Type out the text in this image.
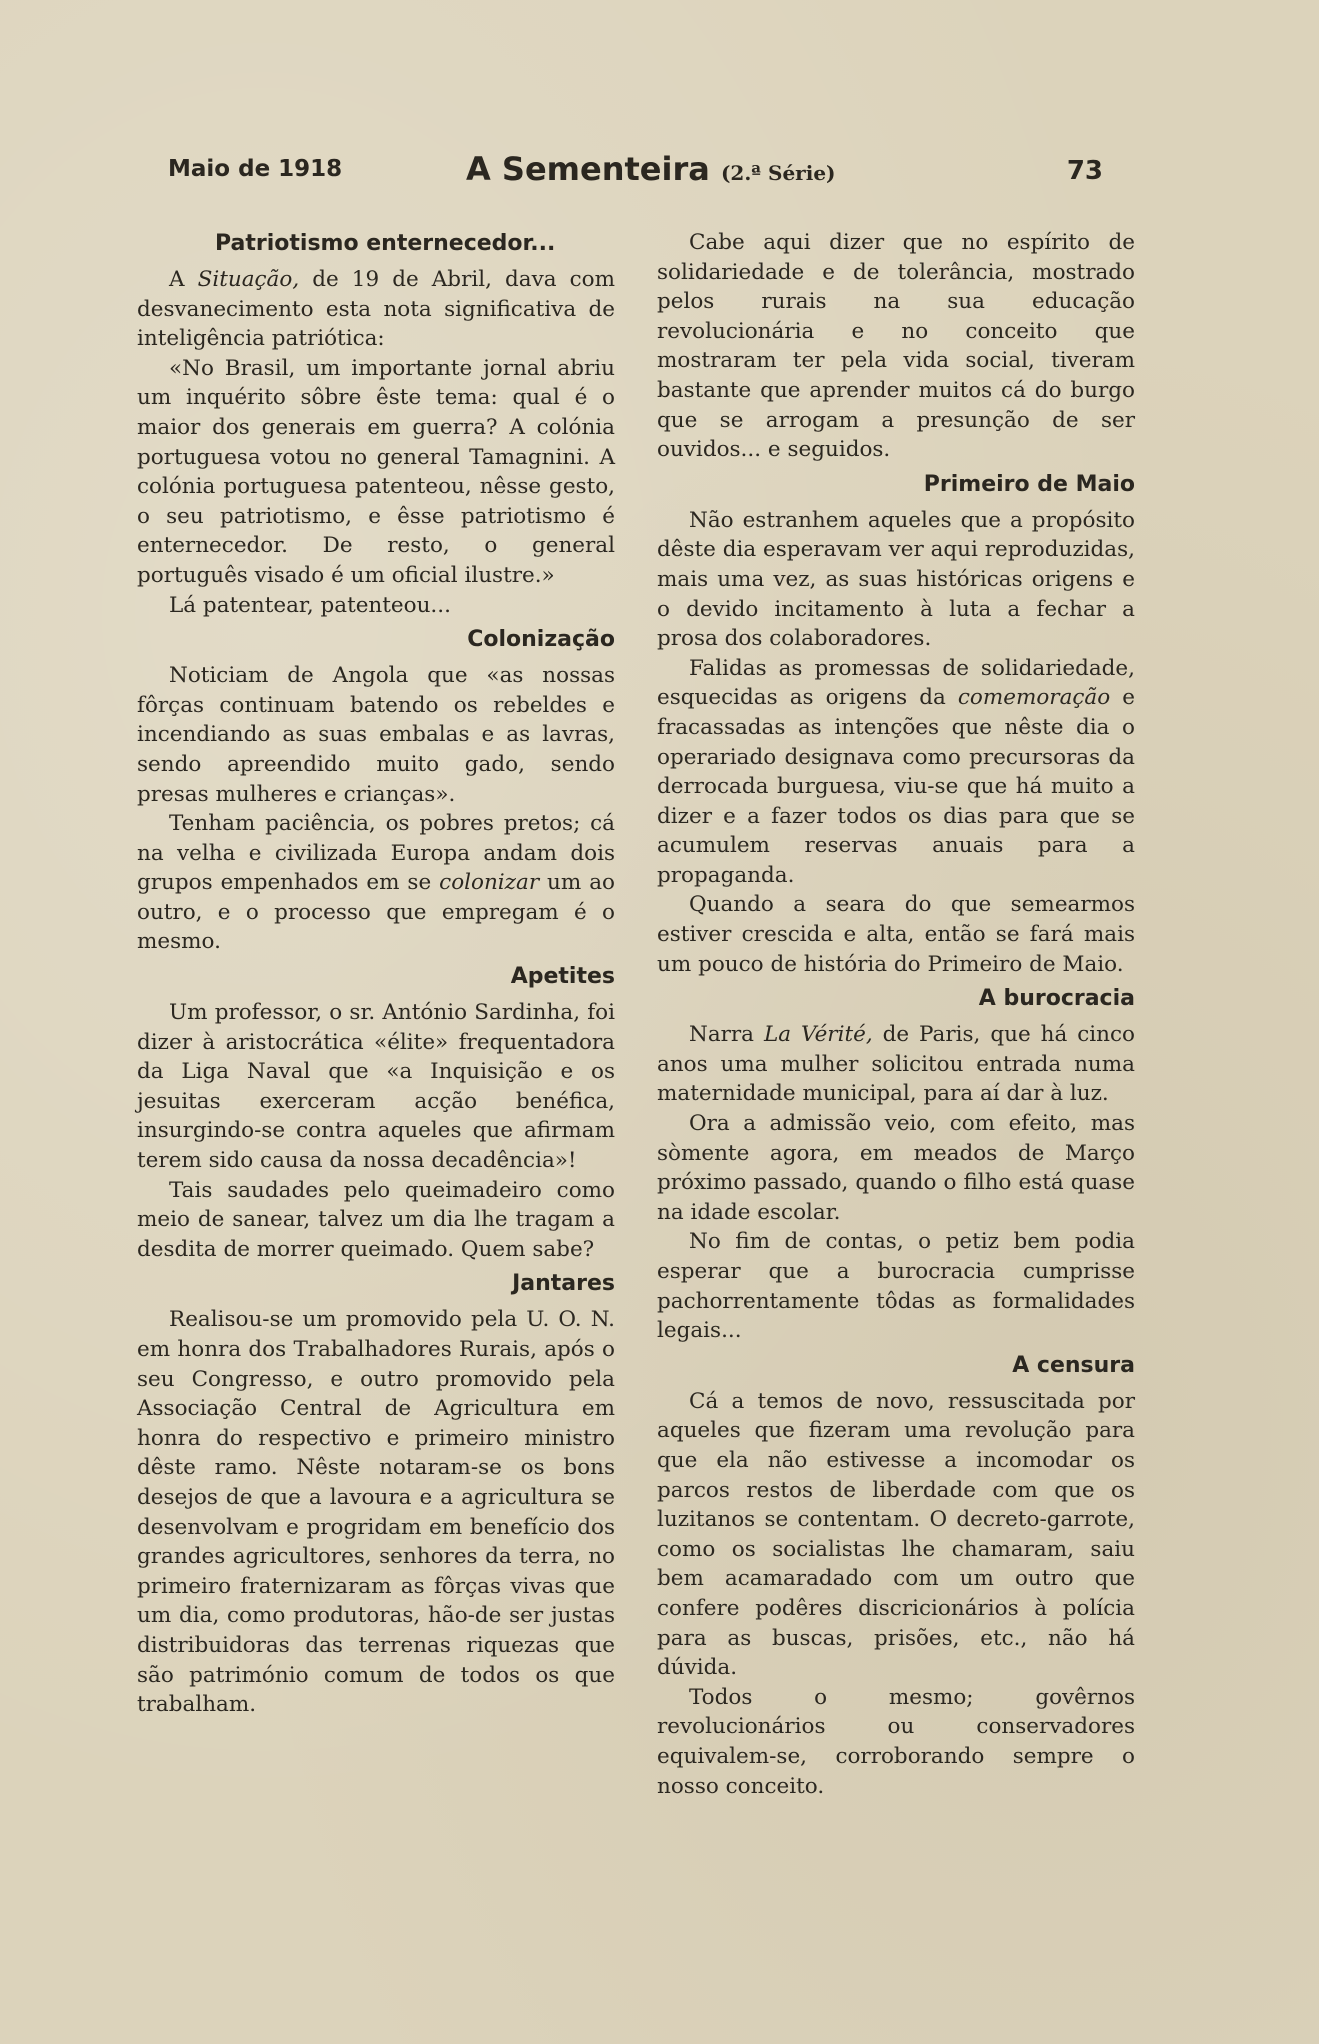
Maio de 1918	A Sementeira (2.ª Série)	73
Patriotismo enternecedor...

A Situação, de 19 de Abril, dava com desvanecimento esta nota significativa de inteligência patriótica:

«No Brasil, um importante jornal abriu um inquérito sôbre êste tema: qual é o maior dos generais em guerra? A colónia portuguesa votou no general Tamagnini. A colónia portuguesa patenteou, nêsse gesto, o seu patriotismo, e êsse patriotismo é enternecedor. De resto, o general português visado é um oficial ilustre.»

Lá patentear, patenteou...

Colonização

Noticiam de Angola que «as nossas fôrças continuam batendo os rebeldes e incendiando as suas embalas e as lavras, sendo apreendido muito gado, sendo presas mulheres e crianças».

Tenham paciência, os pobres pretos; cá na velha e civilizada Europa andam dois grupos empenhados em se colonizar um ao outro, e o processo que empregam é o mesmo.

Apetites

Um professor, o sr. António Sardinha, foi dizer à aristocrática «élite» frequentadora da Liga Naval que «a Inquisição e os jesuitas exerceram acção benéfica, insurgindo-se contra aqueles que afirmam terem sido causa da nossa decadência»!

Tais saudades pelo queimadeiro como meio de sanear, talvez um dia lhe tragam a desdita de morrer queimado. Quem sabe?

Jantares

Realisou-se um promovido pela U. O. N. em honra dos Trabalhadores Rurais, após o seu Congresso, e outro promovido pela Associação Central de Agricultura em honra do respectivo e primeiro ministro dêste ramo. Nêste notaram-se os bons desejos de que a lavoura e a agricultura se desenvolvam e progridam em benefício dos grandes agricultores, senhores da terra, no primeiro fraternizaram as fôrças vivas que um dia, como produtoras, hão-de ser justas distribuidoras das terrenas riquezas que são património comum de todos os que trabalham.

Cabe aqui dizer que no espírito de solidariedade e de tolerância, mostrado pelos rurais na sua educação revolucionária e no conceito que mostraram ter pela vida social, tiveram bastante que aprender muitos cá do burgo que se arrogam a presunção de ser ouvidos... e seguidos.

Primeiro de Maio

Não estranhem aqueles que a propósito dêste dia esperavam ver aqui reproduzidas, mais uma vez, as suas históricas origens e o devido incitamento à luta a fechar a prosa dos colaboradores.

Falidas as promessas de solidariedade, esquecidas as origens da comemoração e fracassadas as intenções que nêste dia o operariado designava como precursoras da derrocada burguesa, viu-se que há muito a dizer e a fazer todos os dias para que se acumulem reservas anuais para a propaganda.

Quando a seara do que semearmos estiver crescida e alta, então se fará mais um pouco de história do Primeiro de Maio.

A burocracia

Narra La Vérité, de Paris, que há cinco anos uma mulher solicitou entrada numa maternidade municipal, para aí dar à luz.

Ora a admissão veio, com efeito, mas sòmente agora, em meados de Março próximo passado, quando o filho está quase na idade escolar.

No fim de contas, o petiz bem podia esperar que a burocracia cumprisse pachorrentamente tôdas as formalidades legais...

A censura

Cá a temos de novo, ressuscitada por aqueles que fizeram uma revolução para que ela não estivesse a incomodar os parcos restos de liberdade com que os luzitanos se contentam. O decreto-garrote, como os socialistas lhe chamaram, saiu bem acamaradado com um outro que confere podêres discricionários à polícia para as buscas, prisões, etc., não há dúvida.

Todos o mesmo; govêrnos revolucionários ou conservadores equivalem-se, corroborando sempre o nosso conceito.
